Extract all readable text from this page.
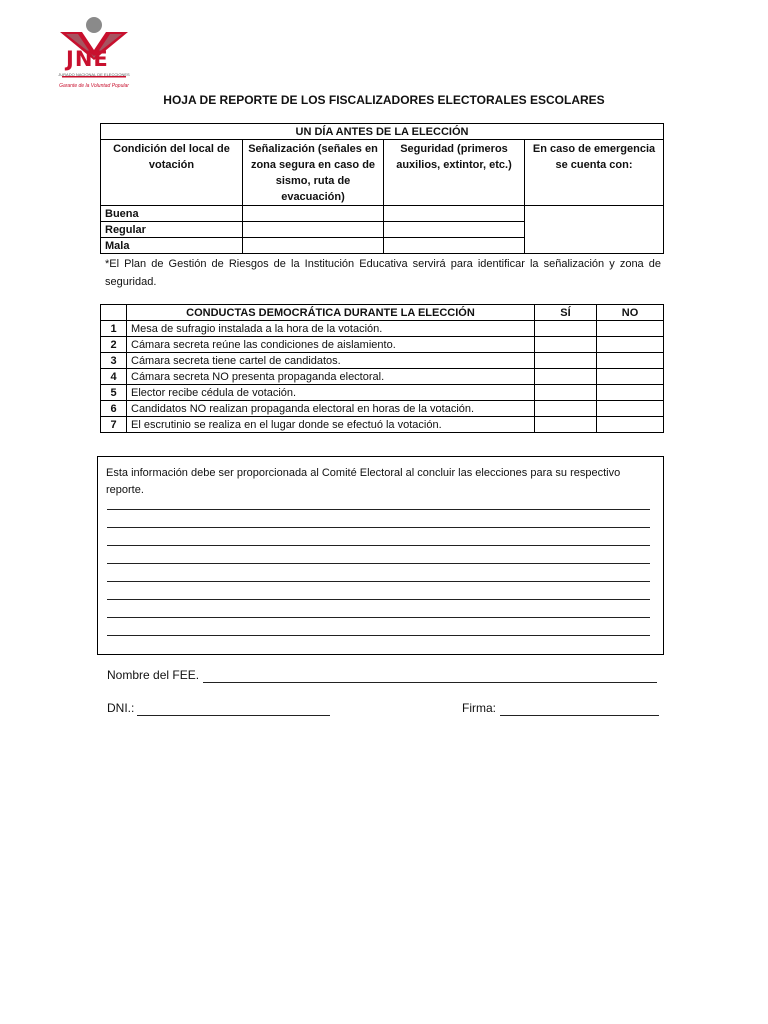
JNE
JURADO NACIONAL DE ELECCIONES
Garante de la Voluntad Popular
HOJA DE REPORTE DE LOS FISCALIZADORES ELECTORALES ESCOLARES
UN DÍA ANTES DE LA ELECCIÓN			
Condición del local de votación	Señalización (señales en zona segura en caso de sismo, ruta de evacuación)	Seguridad (primeros auxilios, extintor, etc.)	En caso de emergencia se cuenta con:
Buena			
Regular			
Mala			
*El Plan de Gestión de Riesgos de la Institución Educativa servirá para identificar la señalización y zona de seguridad.
	CONDUCTAS DEMOCRÁTICA DURANTE LA ELECCIÓN	SÍ	NO
1	Mesa de sufragio instalada a la hora de la votación.		
2	Cámara secreta reúne las condiciones de aislamiento.		
3	Cámara secreta tiene cartel de candidatos.		
4	Cámara secreta NO presenta propaganda electoral.		
5	Elector recibe cédula de votación.		
6	Candidatos NO realizan propaganda electoral en horas de la votación.		
7	El escrutinio se realiza en el lugar donde se efectuó la votación.		
Esta información debe ser proporcionada al Comité Electoral al concluir las elecciones para su respectivo reporte.
Nombre del FEE.
DNI.:	Firma:
